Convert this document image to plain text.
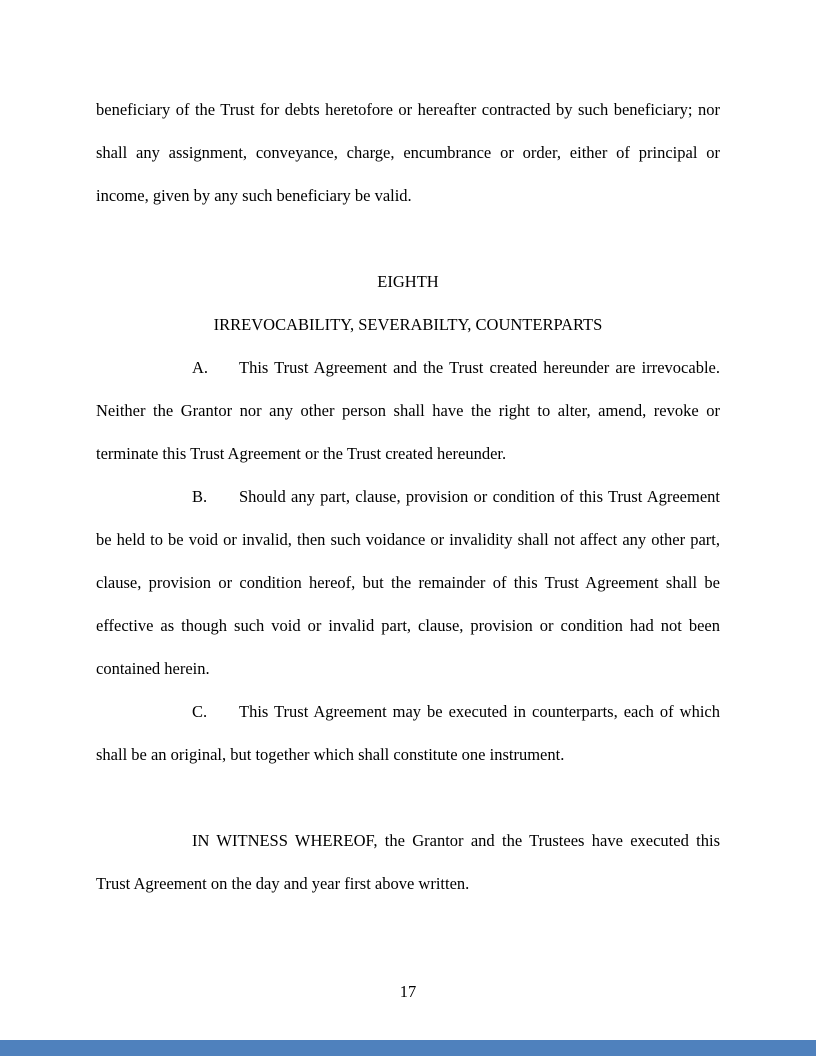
beneficiary of the Trust for debts heretofore or hereafter contracted by such beneficiary; nor shall any assignment, conveyance, charge, encumbrance or order, either of principal or income, given by any such beneficiary be valid.

EIGHTH

IRREVOCABILITY, SEVERABILTY, COUNTERPARTS

A. This Trust Agreement and the Trust created hereunder are irrevocable. Neither the Grantor nor any other person shall have the right to alter, amend, revoke or terminate this Trust Agreement or the Trust created hereunder.

B. Should any part, clause, provision or condition of this Trust Agreement be held to be void or invalid, then such voidance or invalidity shall not affect any other part, clause, provision or condition hereof, but the remainder of this Trust Agreement shall be effective as though such void or invalid part, clause, provision or condition had not been contained herein.

C. This Trust Agreement may be executed in counterparts, each of which shall be an original, but together which shall constitute one instrument.

IN WITNESS WHEREOF, the Grantor and the Trustees have executed this Trust Agreement on the day and year first above written.

17
